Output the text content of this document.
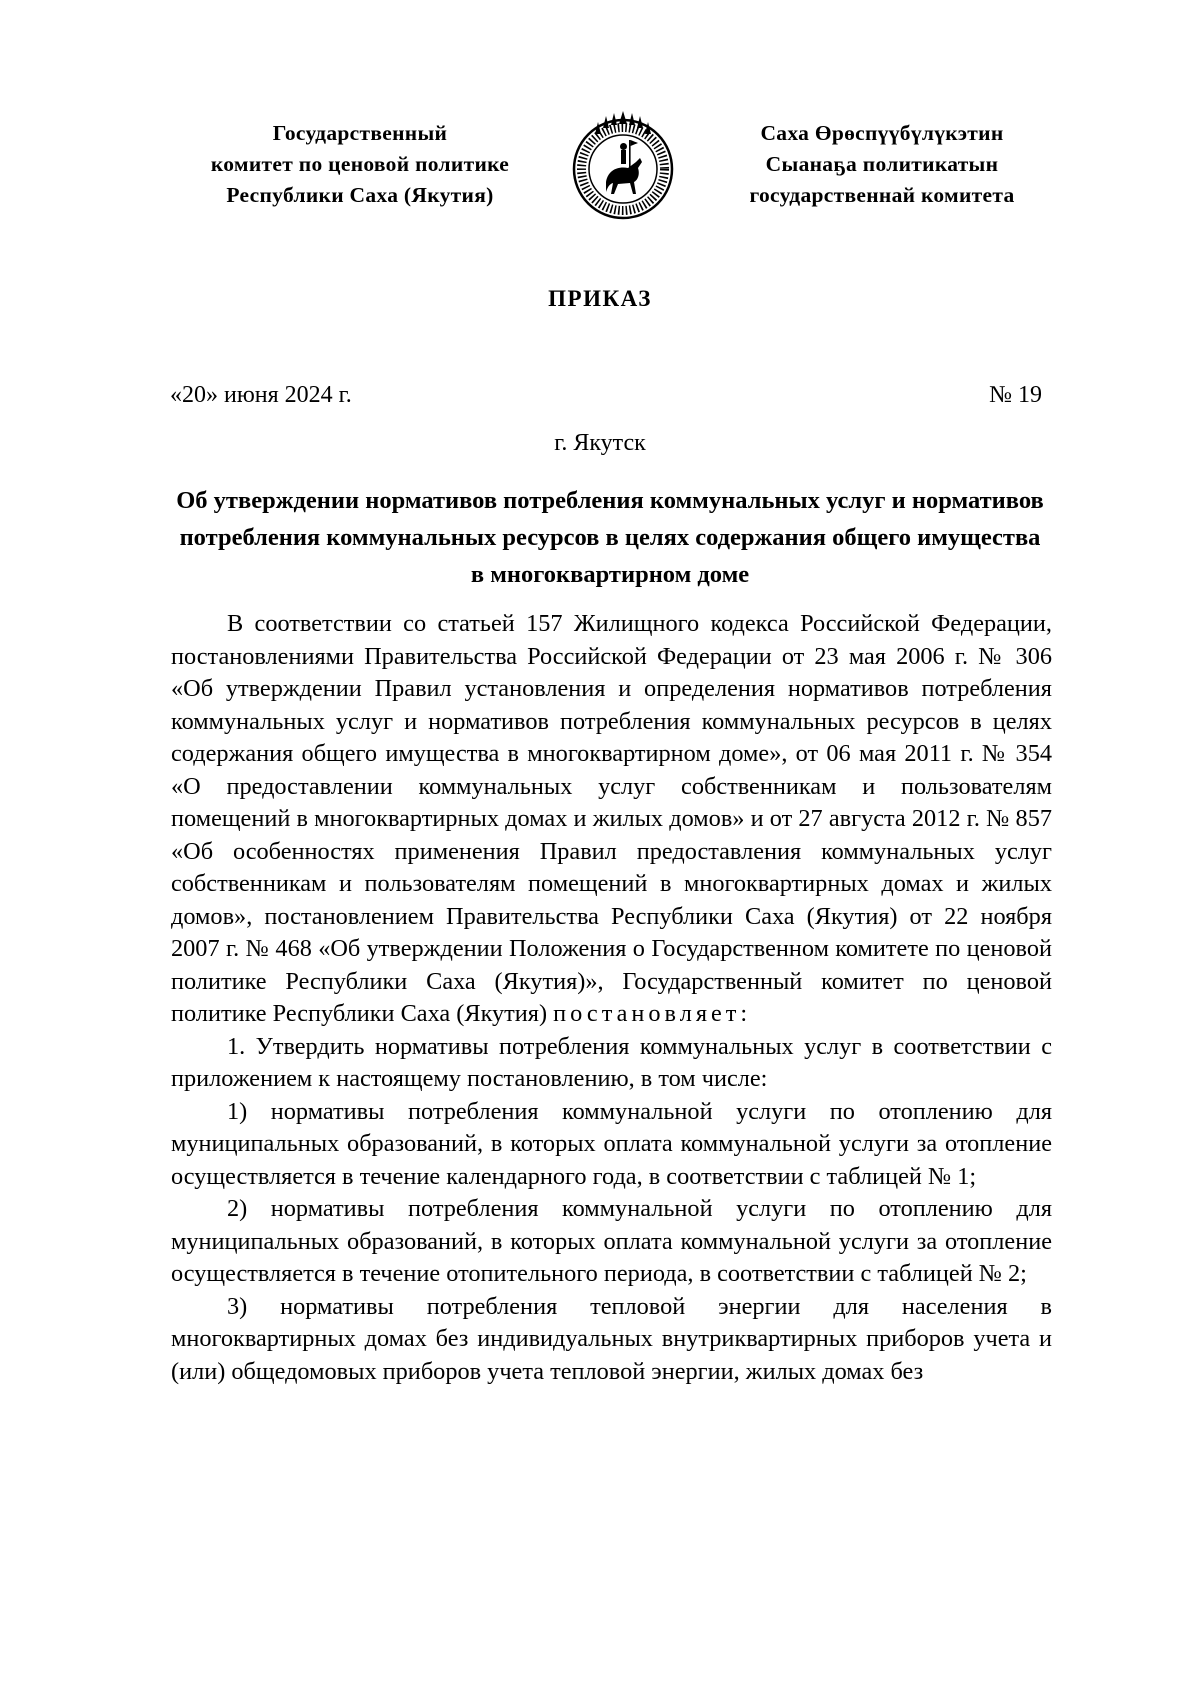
Государственный
комитет по ценовой политике
Республики Саха (Якутия)
Саха Өрөспүүбүлүкэтин
Сыанаҕа политикатын
государственнай комитета
ПРИКАЗ
«20» июня 2024 г.	№ 19
г. Якутск
Об утверждении нормативов потребления коммунальных услуг и нормативов потребления коммунальных ресурсов в целях содержания общего имущества в многоквартирном доме

В соответствии со статьей 157 Жилищного кодекса Российской Федерации, постановлениями Правительства Российской Федерации от 23 мая 2006 г. № 306 «Об утверждении Правил установления и определения нормативов потребления коммунальных услуг и нормативов потребления коммунальных ресурсов в целях содержания общего имущества в многоквартирном доме», от 06 мая 2011 г. № 354 «О предоставлении коммунальных услуг собственникам и пользователям помещений в многоквартирных домах и жилых домов» и от 27 августа 2012 г. № 857 «Об особенностях применения Правил предоставления коммунальных услуг собственникам и пользователям помещений в многоквартирных домах и жилых домов», постановлением Правительства Республики Саха (Якутия) от 22 ноября 2007 г. № 468 «Об утверждении Положения о Государственном комитете по ценовой политике Республики Саха (Якутия)», Государственный комитет по ценовой политике Республики Саха (Якутия) постановляет:

1. Утвердить нормативы потребления коммунальных услуг в соответствии с приложением к настоящему постановлению, в том числе:

1) нормативы потребления коммунальной услуги по отоплению для муниципальных образований, в которых оплата коммунальной услуги за отопление осуществляется в течение календарного года, в соответствии с таблицей № 1;

2) нормативы потребления коммунальной услуги по отоплению для муниципальных образований, в которых оплата коммунальной услуги за отопление осуществляется в течение отопительного периода, в соответствии с таблицей № 2;

3) нормативы потребления тепловой энергии для населения в многоквартирных домах без индивидуальных внутриквартирных приборов учета и (или) общедомовых приборов учета тепловой энергии, жилых домах без
